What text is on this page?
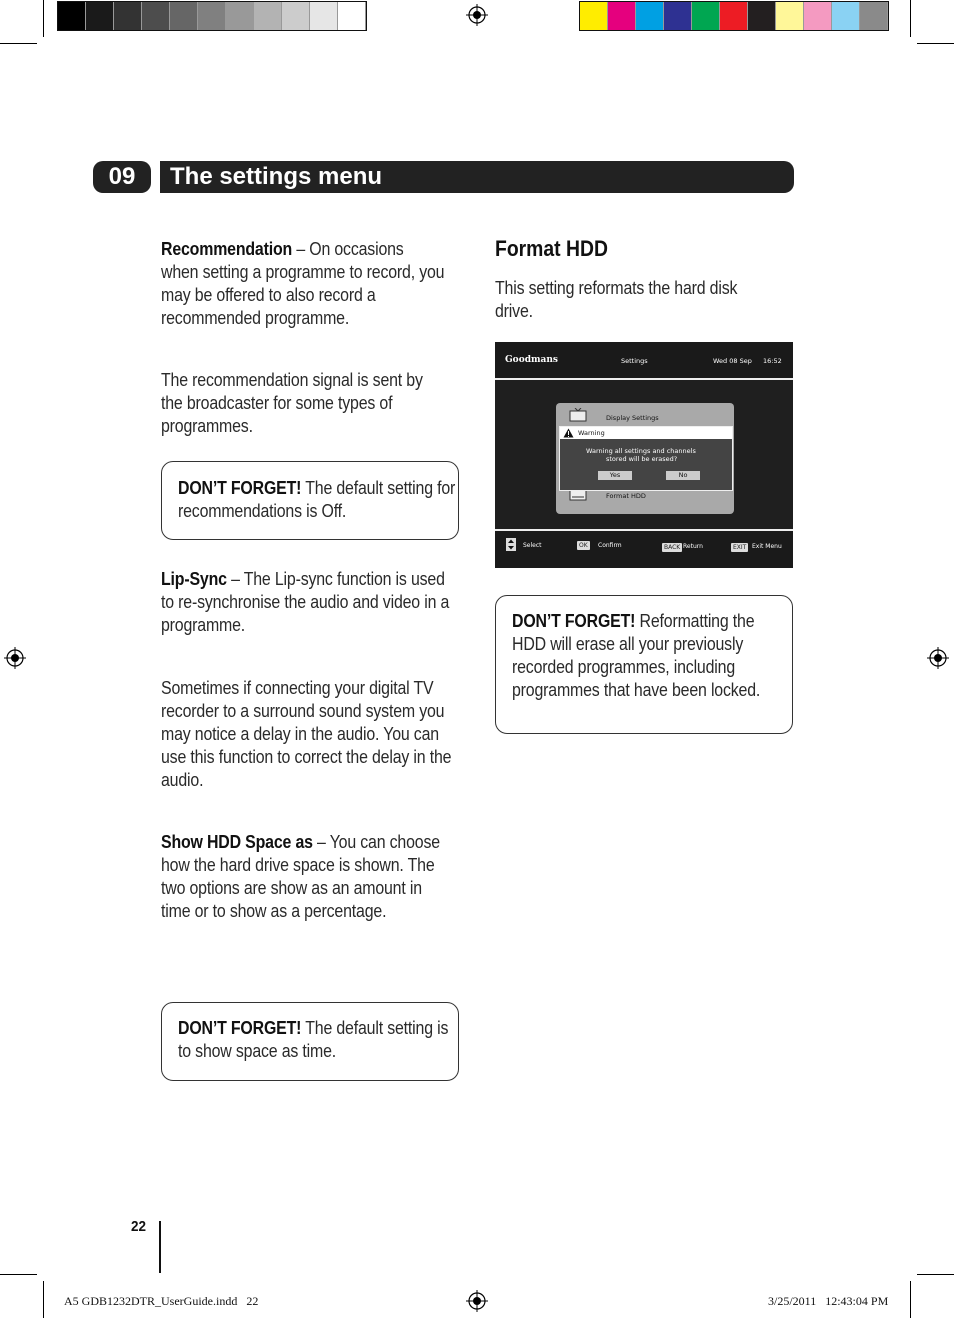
09	The settings menu
Recommendation – On occasions when setting a programme to record, you may be offered to also record a recommended programme.
The recommendation signal is sent by the broadcaster for some types of programmes.
DON’T FORGET! The default setting for recommendations is Off.
Lip-Sync – The Lip-sync function is used to re-synchronise the audio and video in a programme.
Sometimes if connecting your digital TV recorder to a surround sound system you may notice a delay in the audio. You can use this function to correct the delay in the audio.
Show HDD Space as – You can choose how the hard drive space is shown. The two options are show as an amount in time or to show as a percentage.
DON’T FORGET! The default setting is to show space as time.
Format HDD
This setting reformats the hard disk drive.
Goodmans	Settings	Wed 08 Sep 16:52
Display Settings
Format HDD
Warning
Warning all settings and channels
stored will be erased?
Yes	No
Select	OK	Confirm	BACK Return	EXIT Exit Menu
DON’T FORGET! Reformatting the HDD will erase all your previously recorded programmes, including programmes that have been locked.
22
A5 GDB1232DTR_UserGuide.indd   22	3/25/2011   12:43:04 PM
